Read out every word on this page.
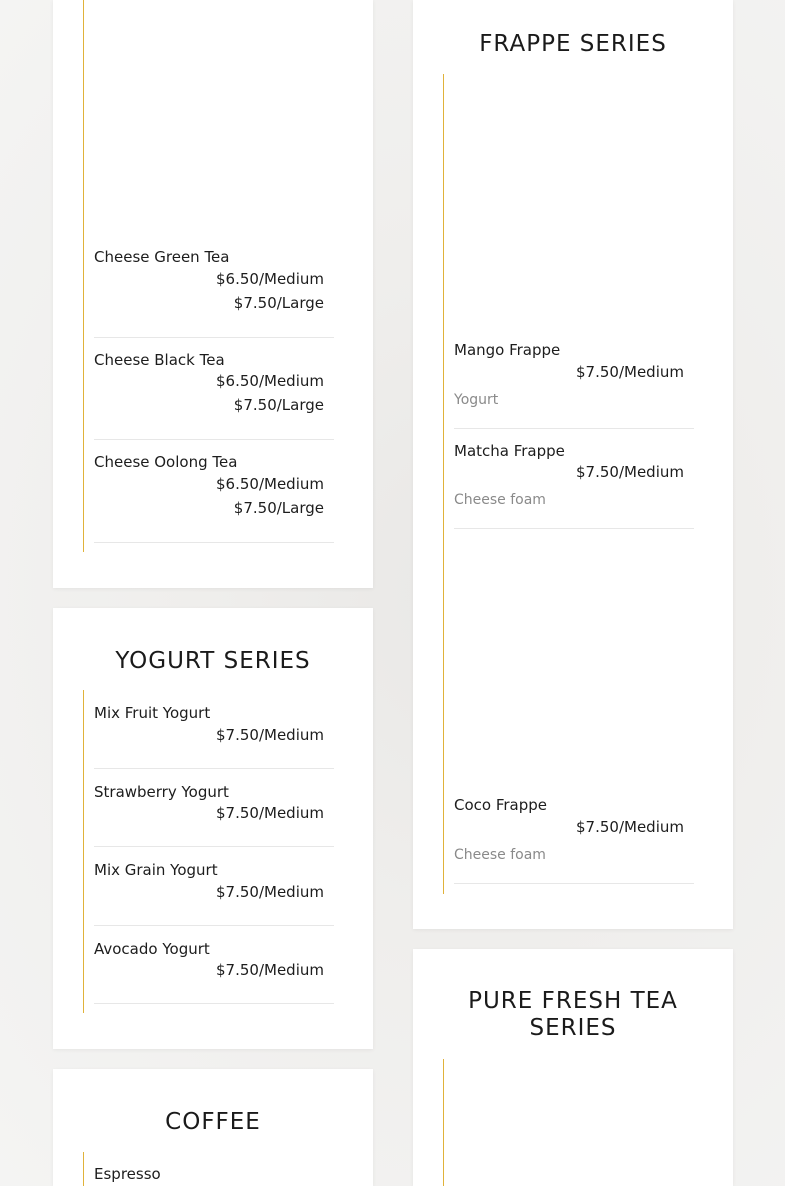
Cheese Green Tea
$6.50/Medium
$7.50/Large
Cheese Black Tea
$6.50/Medium
$7.50/Large
Cheese Oolong Tea
$6.50/Medium
$7.50/Large
YOGURT SERIES
Mix Fruit Yogurt
$7.50/Medium
Strawberry Yogurt
$7.50/Medium
Mix Grain Yogurt
$7.50/Medium
Avocado Yogurt
$7.50/Medium
COFFEE
Espresso
FRAPPE SERIES
Mango Frappe
$7.50/Medium
Yogurt
Matcha Frappe
$7.50/Medium
Cheese foam
Coco Frappe
$7.50/Medium
Cheese foam
PURE FRESH TEA
SERIES
